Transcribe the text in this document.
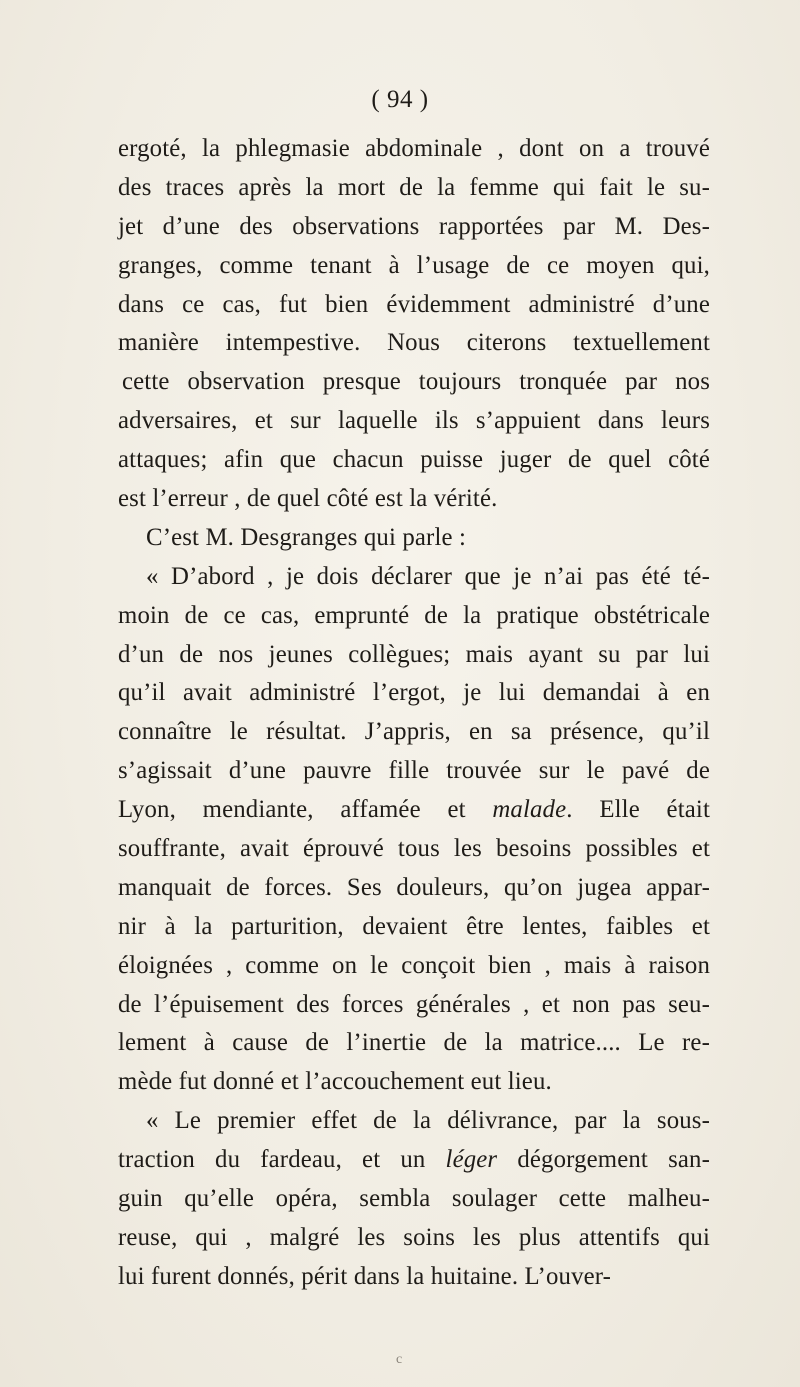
( 94 )
ergoté, la phlegmasie abdominale , dont on a trouvé
des traces après la mort de la femme qui fait le su-
jet d’une des observations rapportées par M. Des-
granges, comme tenant à l’usage de ce moyen qui,
dans ce cas, fut bien évidemment administré d’une
manière intempestive. Nous citerons textuellement
cette observation presque toujours tronquée par nos
adversaires, et sur laquelle ils s’appuient dans leurs
attaques; afin que chacun puisse juger de quel côté
est l’erreur , de quel côté est la vérité.
C’est M. Desgranges qui parle :
« D’abord , je dois déclarer que je n’ai pas été té-
moin de ce cas, emprunté de la pratique obstétricale
d’un de nos jeunes collègues; mais ayant su par lui
qu’il avait administré l’ergot, je lui demandai à en
connaître le résultat. J’appris, en sa présence, qu’il
s’agissait d’une pauvre fille trouvée sur le pavé de
Lyon, mendiante, affamée et malade. Elle était
souffrante, avait éprouvé tous les besoins possibles et
manquait de forces. Ses douleurs, qu’on jugea appar-
nir à la parturition, devaient être lentes, faibles et
éloignées , comme on le conçoit bien , mais à raison
de l’épuisement des forces générales , et non pas seu-
lement à cause de l’inertie de la matrice.... Le re-
mède fut donné et l’accouchement eut lieu.
« Le premier effet de la délivrance, par la sous-
traction du fardeau, et un léger dégorgement san-
guin qu’elle opéra, sembla soulager cette malheu-
reuse, qui , malgré les soins les plus attentifs qui
lui furent donnés, périt dans la huitaine. L’ouver-
c
